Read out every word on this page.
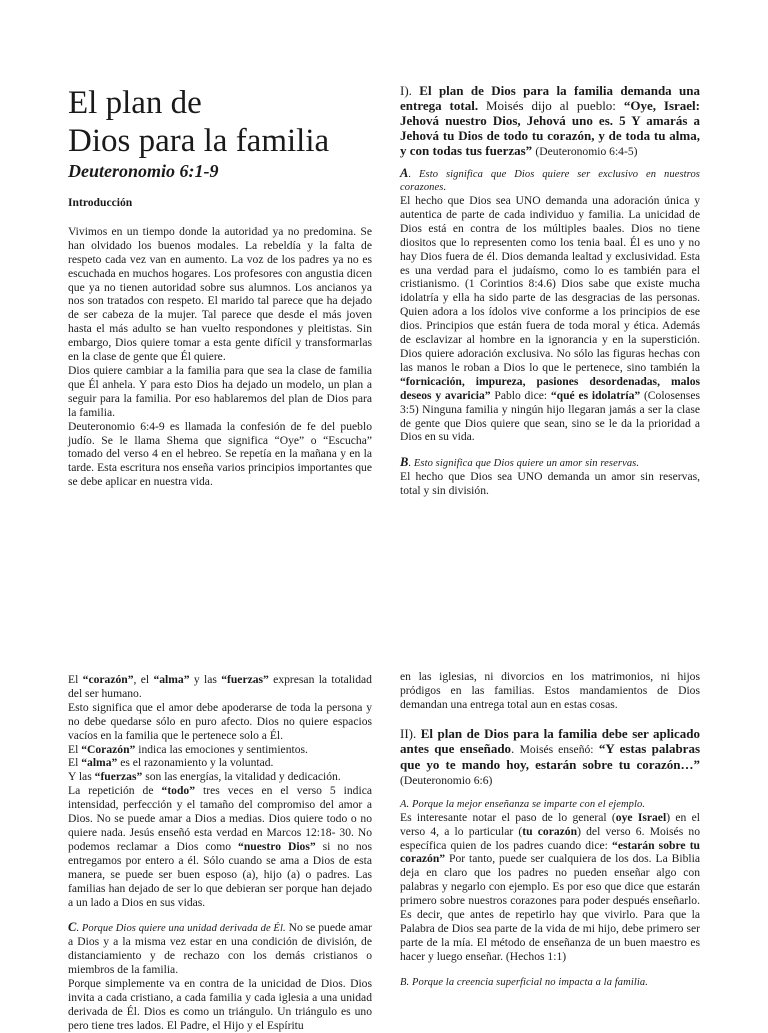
El plan de
Dios para la familia
Deuteronomio 6:1-9

Introducción

Vivimos en un tiempo donde la autoridad ya no predomina. Se han olvidado los buenos modales. La rebeldía y la falta de respeto cada vez van en aumento. La voz de los padres ya no es escuchada en muchos hogares. Los profesores con angustia dicen que ya no tienen autoridad sobre sus alumnos. Los ancianos ya nos son tratados con respeto. El marido tal parece que ha dejado de ser cabeza de la mujer. Tal parece que desde el más joven hasta el más adulto se han vuelto respondones y pleitistas. Sin embargo, Dios quiere tomar a esta gente difícil y transformarlas en la clase de gente que Él quiere.

Dios quiere cambiar a la familia para que sea la clase de familia que Él anhela. Y para esto Dios ha dejado un modelo, un plan a seguir para la familia. Por eso hablaremos del plan de Dios para la familia.

Deuteronomio 6:4-9 es llamada la confesión de fe del pueblo judío. Se le llama Shema que significa “Oye” o “Escucha” tomado del verso 4 en el hebreo. Se repetía en la mañana y en la tarde. Esta escritura nos enseña varios principios importantes que se debe aplicar en nuestra vida.

I). El plan de Dios para la familia demanda una entrega total. Moisés dijo al pueblo: “Oye, Israel: Jehová nuestro Dios, Jehová uno es. 5 Y amarás a Jehová tu Dios de todo tu corazón, y de toda tu alma, y con todas tus fuerzas” (Deuteronomio 6:4-5)

A. Esto significa que Dios quiere ser exclusivo en nuestros corazones.

El hecho que Dios sea UNO demanda una adoración única y autentica de parte de cada individuo y familia. La unicidad de Dios está en contra de los múltiples baales. Dios no tiene diositos que lo representen como los tenia baal. Él es uno y no hay Dios fuera de él. Dios demanda lealtad y exclusividad. Esta es una verdad para el judaísmo, como lo es también para el cristianismo. (1 Corintios 8:4.6) Dios sabe que existe mucha idolatría y ella ha sido parte de las desgracias de las personas. Quien adora a los ídolos vive conforme a los principios de ese dios. Principios que están fuera de toda moral y ética. Además de esclavizar al hombre en la ignorancia y en la superstición. Dios quiere adoración exclusiva. No sólo las figuras hechas con las manos le roban a Dios lo que le pertenece, sino también la “fornicación, impureza, pasiones desordenadas, malos deseos y avaricia” Pablo dice: “qué es idolatría” (Colosenses 3:5) Ninguna familia y ningún hijo llegaran jamás a ser la clase de gente que Dios quiere que sean, sino se le da la prioridad a Dios en su vida.

B. Esto significa que Dios quiere un amor sin reservas.

El hecho que Dios sea UNO demanda un amor sin reservas, total y sin división.

El “corazón”, el “alma” y las “fuerzas” expresan la totalidad del ser humano.

Esto significa que el amor debe apoderarse de toda la persona y no debe quedarse sólo en puro afecto. Dios no quiere espacios vacíos en la familia que le pertenece solo a Él.

El “Corazón” indica las emociones y sentimientos.

El “alma” es el razonamiento y la voluntad.

Y las “fuerzas” son las energías, la vitalidad y dedicación.

La repetición de “todo” tres veces en el verso 5 indica intensidad, perfección y el tamaño del compromiso del amor a Dios. No se puede amar a Dios a medias. Dios quiere todo o no quiere nada. Jesús enseñó esta verdad en Marcos 12:18- 30. No podemos reclamar a Dios como “nuestro Dios” si no nos entregamos por entero a él. Sólo cuando se ama a Dios de esta manera, se puede ser buen esposo (a), hijo (a) o padres. Las familias han dejado de ser lo que debieran ser porque han dejado a un lado a Dios en sus vidas.

C. Porque Dios quiere una unidad derivada de Él. No se puede amar a Dios y a la misma vez estar en una condición de división, de distanciamiento y de rechazo con los demás cristianos o miembros de la familia.

Porque simplemente va en contra de la unicidad de Dios. Dios invita a cada cristiano, a cada familia y cada iglesia a una unidad derivada de Él. Dios es como un triángulo. Un triángulo es uno pero tiene tres lados. El Padre, el Hijo y el Espíritu

en las iglesias, ni divorcios en los matrimonios, ni hijos pródigos en las familias. Estos mandamientos de Dios demandan una entrega total aun en estas cosas.

II). El plan de Dios para la familia debe ser aplicado antes que enseñado. Moisés enseñó: “Y estas palabras que yo te mando hoy, estarán sobre tu corazón…” (Deuteronomio 6:6)

A. Porque la mejor enseñanza se imparte con el ejemplo.

Es interesante notar el paso de lo general (oye Israel) en el verso 4, a lo particular (tu corazón) del verso 6. Moisés no específica quien de los padres cuando dice: “estarán sobre tu corazón” Por tanto, puede ser cualquiera de los dos. La Biblia deja en claro que los padres no pueden enseñar algo con palabras y negarlo con ejemplo. Es por eso que dice que estarán primero sobre nuestros corazones para poder después enseñarlo. Es decir, que antes de repetirlo hay que vivirlo. Para que la Palabra de Dios sea parte de la vida de mi hijo, debe primero ser parte de la mía. El método de enseñanza de un buen maestro es hacer y luego enseñar. (Hechos 1:1)

B. Porque la creencia superficial no impacta a la familia.
